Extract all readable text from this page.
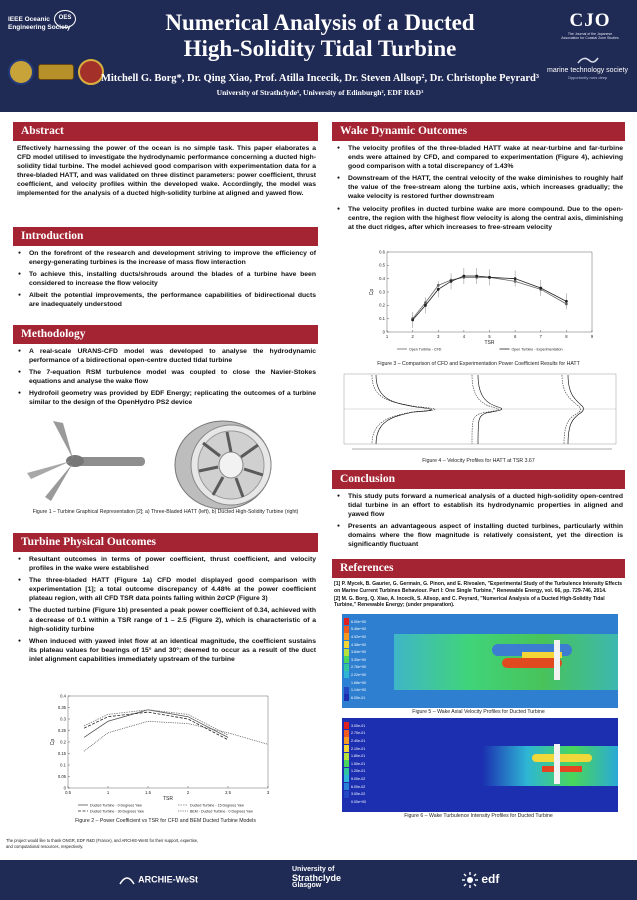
IEEE Oceanic Engineering Society
OES	Numerical Analysis of a Ducted
High-Solidity Tidal Turbine
Mitchell G. Borg*, Dr. Qing Xiao, Prof. Atilla Incecik, Dr. Steven Allsop², Dr. Christophe Peyrard³
University of Strathclyde¹, University of Edinburgh², EDF R&D³
CJO
The Journal of the Japanese Association for Coastal Zone Studies
marine technology society
Opportunity runs deep
Abstract
Effectively harnessing the power of the ocean is no simple task. This paper elaborates a CFD model utilised to investigate the hydrodynamic performance concerning a ducted high-solidity tidal turbine. The model achieved good comparison with experimentation data for a three-bladed HATT, and was validated on three distinct parameters: power coefficient, thrust coefficient, and velocity profiles within the developed wake. Accordingly, the model was implemented for the analysis of a ducted high-solidity turbine at aligned and yawed flow.
Introduction
● On the forefront of the research and development striving to improve the efficiency of energy-generating turbines is the increase of mass flow interaction
● To achieve this, installing ducts/shrouds around the blades of a turbine have been considered to increase the flow velocity
● Albeit the potential improvements, the performance capabilities of bidirectional ducts are inadequately understood
Methodology
● A real-scale URANS-CFD model was developed to analyse the hydrodynamic performance of a bidirectional open-centre ducted tidal turbine
● The 7-equation RSM turbulence model was coupled to close the Navier-Stokes equations and analyse the wake flow
● Hydrofoil geometry was provided by EDF Energy; replicating the outcomes of a turbine similar to the design of the OpenHydro PS2 device
Figure 1 – Turbine Graphical Representation [2]; a) Three-Bladed HATT (left), b) Ducted High-Solidity Turbine (right)
Turbine Physical Outcomes
● Resultant outcomes in terms of power coefficient, thrust coefficient, and velocity profiles in the wake were established
● The three-bladed HATT (Figure 1a) CFD model displayed good comparison with experimentation [1]; a total outcome discrepancy of 4.48% at the power coefficient plateau region, with all CFD TSR data points falling within 2σCP (Figure 3)
● The ducted turbine (Figure 1b) presented a peak power coefficient of 0.34, achieved with a decrease of 0.1 within a TSR range of 1 – 2.5 (Figure 2), which is characteristic of a high-solidity turbine
● When induced with yawed inlet flow at an identical magnitude, the coefficient sustains its plateau values for bearings of 15° and 30°; deemed to occur as a result of the duct inlet alignment capabilities immediately upstream of the turbine
0.5	1	1.5	2	2.5	3
0
0.05
0.1
0.15
0.2
0.25
0.3
0.35
0.4
TSR
Cp
Ducted Turbine - 0 Degrees Yaw	Ducted Turbine - 15 Degrees Yaw
Ducted Turbine - 30 Degrees Yaw	BEM - Ducted Turbine - 0 Degrees Yaw
Figure 2 – Power Coefficient vs TSR for CFD and BEM Ducted Turbine Models
Wake Dynamic Outcomes
● The velocity profiles of the three-bladed HATT wake at near-turbine and far-turbine ends were attained by CFD, and compared to experimentation (Figure 4), achieving good comparison with a total discrepancy of 1.43%
● Downstream of the HATT, the central velocity of the wake diminishes to roughly half the value of the free-stream along the turbine axis, which increases gradually; the wake velocity is restored further downstream
● The velocity profiles in ducted turbine wake are more compound. Due to the open-centre, the region with the highest flow velocity is along the central axis, diminishing at the duct ridges, after which increases to free-stream velocity
1	2	3	4	5	6	7	8	9
0
0.1
0.2
0.3
0.4
0.5
0.6
TSR
Cp
Open Turbine - CFD	Open Turbine - Experimentation
Figure 3 – Comparison of CFD and Experimentation Power Coefficient Results for HATT
Figure 4 – Velocity Profiles for HATT at TSR 3.67
Conclusion
● This study puts forward a numerical analysis of a ducted high-solidity open-centred tidal turbine in an effort to establish its hydrodynamic properties in aligned and yawed flow
● Presents an advantageous aspect of installing ducted turbines, particularly within domains where the flow magnitude is relatively consistent, yet the direction is significantly fluctuant
References

[1] P. Mycek, B. Gaurier, G. Germain, G. Pinon, and E. Rivoalen, "Experimental Study of the Turbulence Intensity Effects on Marine Current Turbines Behaviour. Part I: One Single Turbine," Renewable Energy, vol. 66, pp. 729-746, 2014.

[2] M. G. Borg, Q. Xiao, A. Incecik, S. Allsop, and C. Peyrard, "Numerical Analysis of a Ducted High-Solidity Tidal Turbine," Renewable Energy; (under preparation).

6.00e+00
5.46e+00
4.92e+00
4.38e+00
3.84e+00
3.30e+00
2.76e+00
2.22e+00
1.68e+00
1.14e+00
6.00e-01
Figure 5 – Wake Axial Velocity Profiles for Ducted Turbine
3.00e-01
2.70e-01
2.40e-01
2.10e-01
1.80e-01
1.50e-01
1.20e-01
9.00e-02
6.00e-02
3.00e-02
0.00e+00
Figure 6 – Wake Turbulence Intensity Profiles for Ducted Turbine
The project would like to thank ONGR, EDF R&D (France), and ARCHIE-WeSt for their support, expertise, and computational resources, respectively.
ARCHIE-WeSt
University of
Strathclyde
Glasgow	edf
